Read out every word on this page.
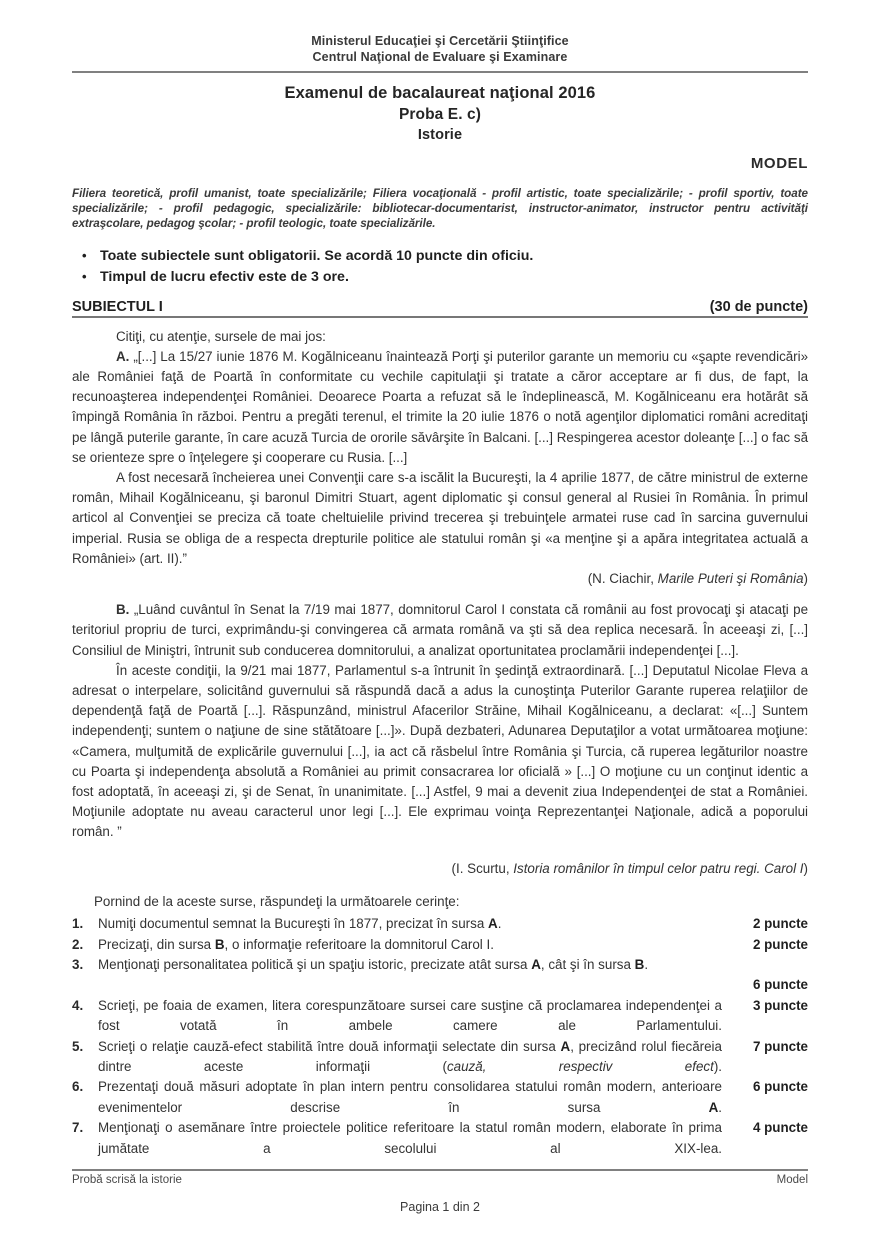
Ministerul Educaţiei şi Cercetării Ştiinţifice
Centrul Naţional de Evaluare şi Examinare
Examenul de bacalaureat naţional 2016
Proba E. c)
Istorie
MODEL
Filiera teoretică, profil umanist, toate specializările; Filiera vocaţională - profil artistic, toate specializările; - profil sportiv, toate specializările; - profil pedagogic, specializările: bibliotecar-documentarist, instructor-animator, instructor pentru activităţi extraşcolare, pedagog şcolar; - profil teologic, toate specializările.
• Toate subiectele sunt obligatorii. Se acordă 10 puncte din oficiu.
• Timpul de lucru efectiv este de 3 ore.
SUBIECTUL I	(30 de puncte)

Citiţi, cu atenţie, sursele de mai jos:

A. „[...] La 15/27 iunie 1876 M. Kogălniceanu înaintează Porţi şi puterilor garante un memoriu cu «şapte revendicări» ale României faţă de Poartă în conformitate cu vechile capitulaţii şi tratate a căror acceptare ar fi dus, de fapt, la recunoaşterea independenţei României. Deoarece Poarta a refuzat să le îndeplinească, M. Kogălniceanu era hotărât să împingă România în război. Pentru a pregăti terenul, el trimite la 20 iulie 1876 o notă agenţilor diplomatici români acreditaţi pe lângă puterile garante, în care acuză Turcia de ororile săvârşite în Balcani. [...] Respingerea acestor doleanţe [...] o fac să se orienteze spre o înţelegere şi cooperare cu Rusia. [...]

A fost necesară încheierea unei Convenţii care s-a iscălit la Bucureşti, la 4 aprilie 1877, de către ministrul de externe român, Mihail Kogălniceanu, şi baronul Dimitri Stuart, agent diplomatic şi consul general al Rusiei în România. În primul articol al Convenţiei se preciza că toate cheltuielile privind trecerea şi trebuinţele armatei ruse cad în sarcina guvernului imperial. Rusia se obliga de a respecta drepturile politice ale statului român şi «a menţine şi a apăra integritatea actuală a României» (art. II).”

(N. Ciachir, Marile Puteri şi România)

B. „Luând cuvântul în Senat la 7/19 mai 1877, domnitorul Carol I constata că românii au fost provocaţi şi atacaţi pe teritoriul propriu de turci, exprimându-şi convingerea că armata română va şti să dea replica necesară. În aceeaşi zi, [...] Consiliul de Miniştri, întrunit sub conducerea domnitorului, a analizat oportunitatea proclamării independenţei [...].

În aceste condiţii, la 9/21 mai 1877, Parlamentul s-a întrunit în şedinţă extraordinară. [...] Deputatul Nicolae Fleva a adresat o interpelare, solicitând guvernului să răspundă dacă a adus la cunoştinţa Puterilor Garante ruperea relaţiilor de dependenţă faţă de Poartă [...]. Răspunzând, ministrul Afacerilor Străine, Mihail Kogălniceanu, a declarat: «[...] Suntem independenţi; suntem o naţiune de sine stătătoare [...]». După dezbateri, Adunarea Deputaţilor a votat următoarea moţiune: «Camera, mulţumită de explicările guvernului [...], ia act că răsbelul între România şi Turcia, că ruperea legăturilor noastre cu Poarta şi independenţa absolută a României au primit consacrarea lor oficială » [...] O moţiune cu un conţinut identic a fost adoptată, în aceeaşi zi, şi de Senat, în unanimitate. [...] Astfel, 9 mai a devenit ziua Independenţei de stat a României. Moţiunile adoptate nu aveau caracterul unor legi [...]. Ele exprimau voinţa Reprezentanţei Naţionale, adică a poporului român. ”

(I. Scurtu, Istoria românilor în timpul celor patru regi. Carol I)

Pornind de la aceste surse, răspundeţi la următoarele cerinţe:

1.	Numiţi documentul semnat la Bucureşti în 1877, precizat în sursa A.	2 puncte
2.	Precizaţi, din sursa B, o informaţie referitoare la domnitorul Carol I.	2 puncte
3.	Menţionaţi personalitatea politică şi un spaţiu istoric, precizate atât sursa A, cât şi în sursa B.
6 puncte
4.	Scrieţi, pe foaia de examen, litera corespunzătoare sursei care susţine că proclamarea independenţei a fost votată în ambele camere ale Parlamentului.
3 puncte
5.	Scrieţi o relaţie cauză-efect stabilită între două informaţii selectate din sursa A, precizând rolul fiecăreia dintre aceste informaţii (cauză, respectiv efect).
7 puncte
6.	Prezentaţi două măsuri adoptate în plan intern pentru consolidarea statului român modern, anterioare evenimentelor descrise în sursa A.
6 puncte
7.	Menţionaţi o asemănare între proiectele politice referitoare la statul român modern, elaborate în prima jumătate a secolului al XIX-lea.
4 puncte
Probă scrisă la istorie	Model
Pagina 1 din 2
